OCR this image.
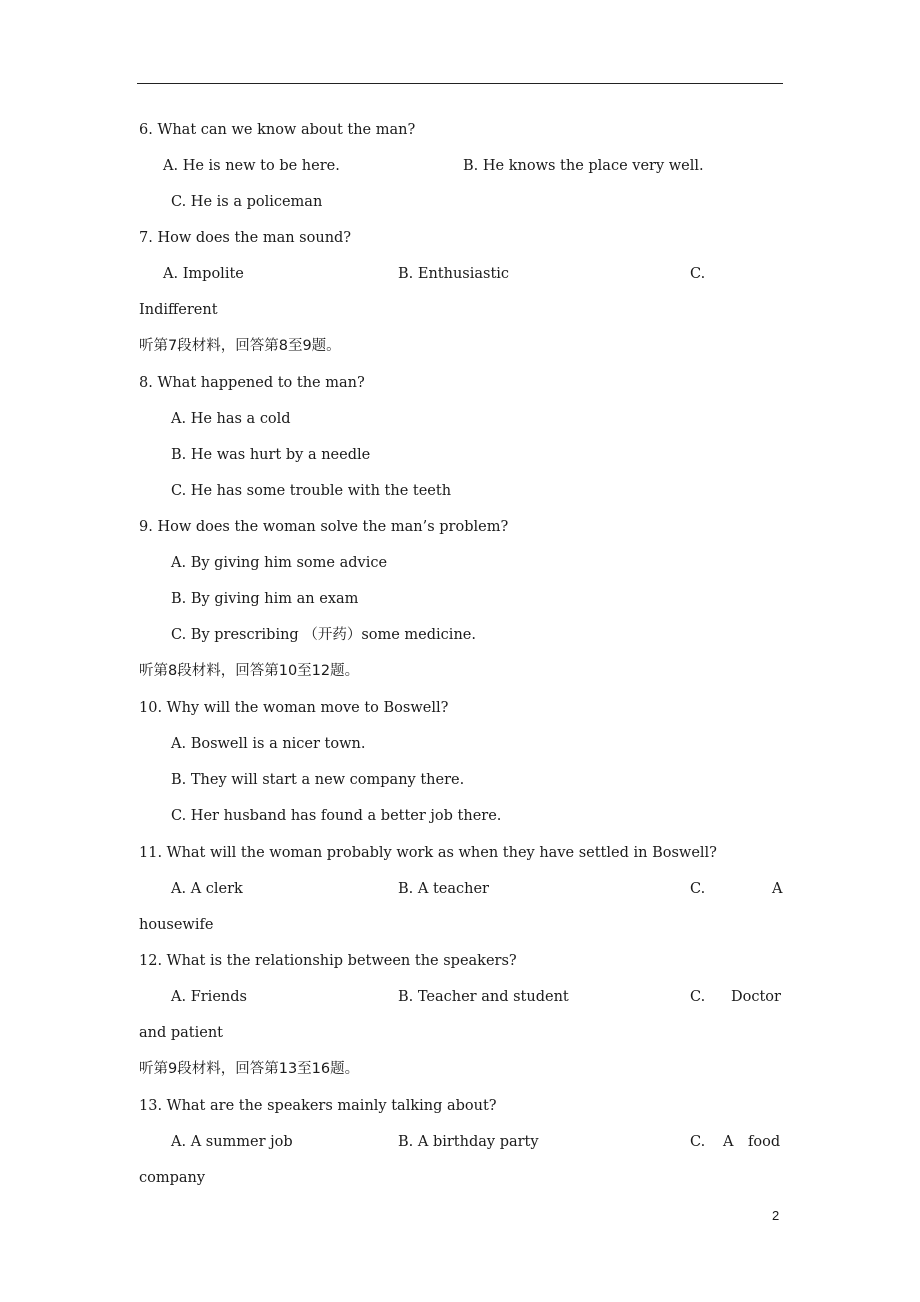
6. What can we know about the man?
A. He is new to be here.	B. He knows the place very well.
C. He is a policeman
7. How does the man sound?
A. Impolite	B. Enthusiastic	C.
Indifferent
听第7段材料，回答第8至9题。
8. What happened to the man?
A. He has a cold
B. He was hurt by a needle
C. He has some trouble with the teeth
9. How does the woman solve the man’s problem?
A. By giving him some advice
B. By giving him an exam
C. By prescribing （开药）some medicine.
听第8段材料，回答第10至12题。
10. Why will the woman move to Boswell?
A. Boswell is a nicer town.
B. They will start a new company there.
C. Her husband has found a better job there.
11. What will the woman probably work as when they have settled in Boswell?
A. A clerk	B. A teacher	C.	A
housewife
12. What is the relationship between the speakers?
A. Friends	B. Teacher and student	C. Doctor
and patient
听第9段材料，回答第13至16题。
13. What are the speakers mainly talking about?
A. A summer job	B. A birthday party	C. A food
company
2
